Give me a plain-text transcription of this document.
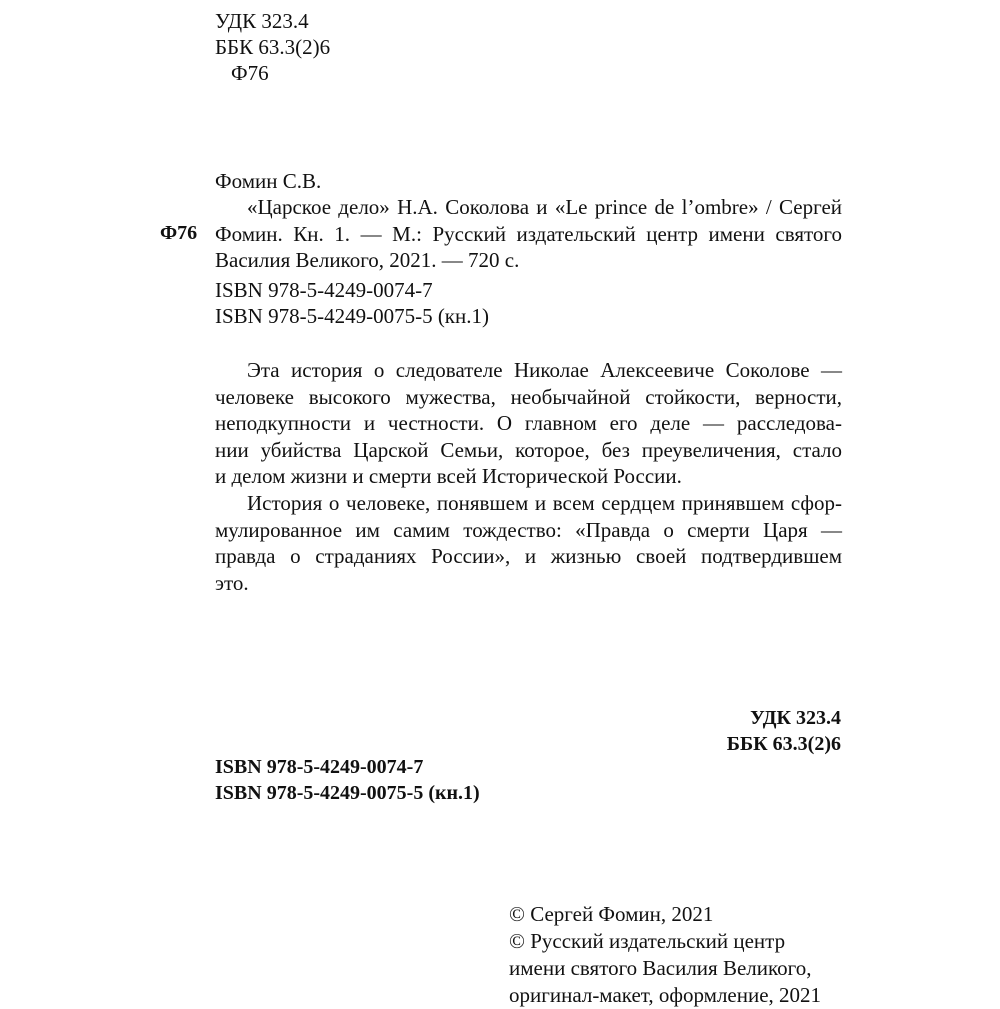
УДК 323.4
ББК 63.3(2)6
Ф76
Фомин С.В.
Ф76
«Царское дело» Н.А. Соколова и «Le prince de l’ombre» / Сергей
Фомин. Кн. 1. — М.: Русский издательский центр имени святого
Василия Великого, 2021. — 720 с.
ISBN 978-5-4249-0074-7
ISBN 978-5-4249-0075-5 (кн.1)
Эта история о следователе Николае Алексеевиче Соколове —
человеке высокого мужества, необычайной стойкости, верности,
неподкупности и честности. О главном его деле — расследова-
нии убийства Царской Семьи, которое, без преувеличения, стало
и делом жизни и смерти всей Исторической России.
История о человеке, понявшем и всем сердцем принявшем сфор-
мулированное им самим тождество: «Правда о смерти Царя —
правда о страданиях России», и жизнью своей подтвердившем
это.
УДК 323.4
ББК 63.3(2)6
ISBN 978-5-4249-0074-7
ISBN 978-5-4249-0075-5 (кн.1)
© Сергей Фомин, 2021
© Русский издательский центр
имени святого Василия Великого,
оригинал-макет, оформление, 2021
